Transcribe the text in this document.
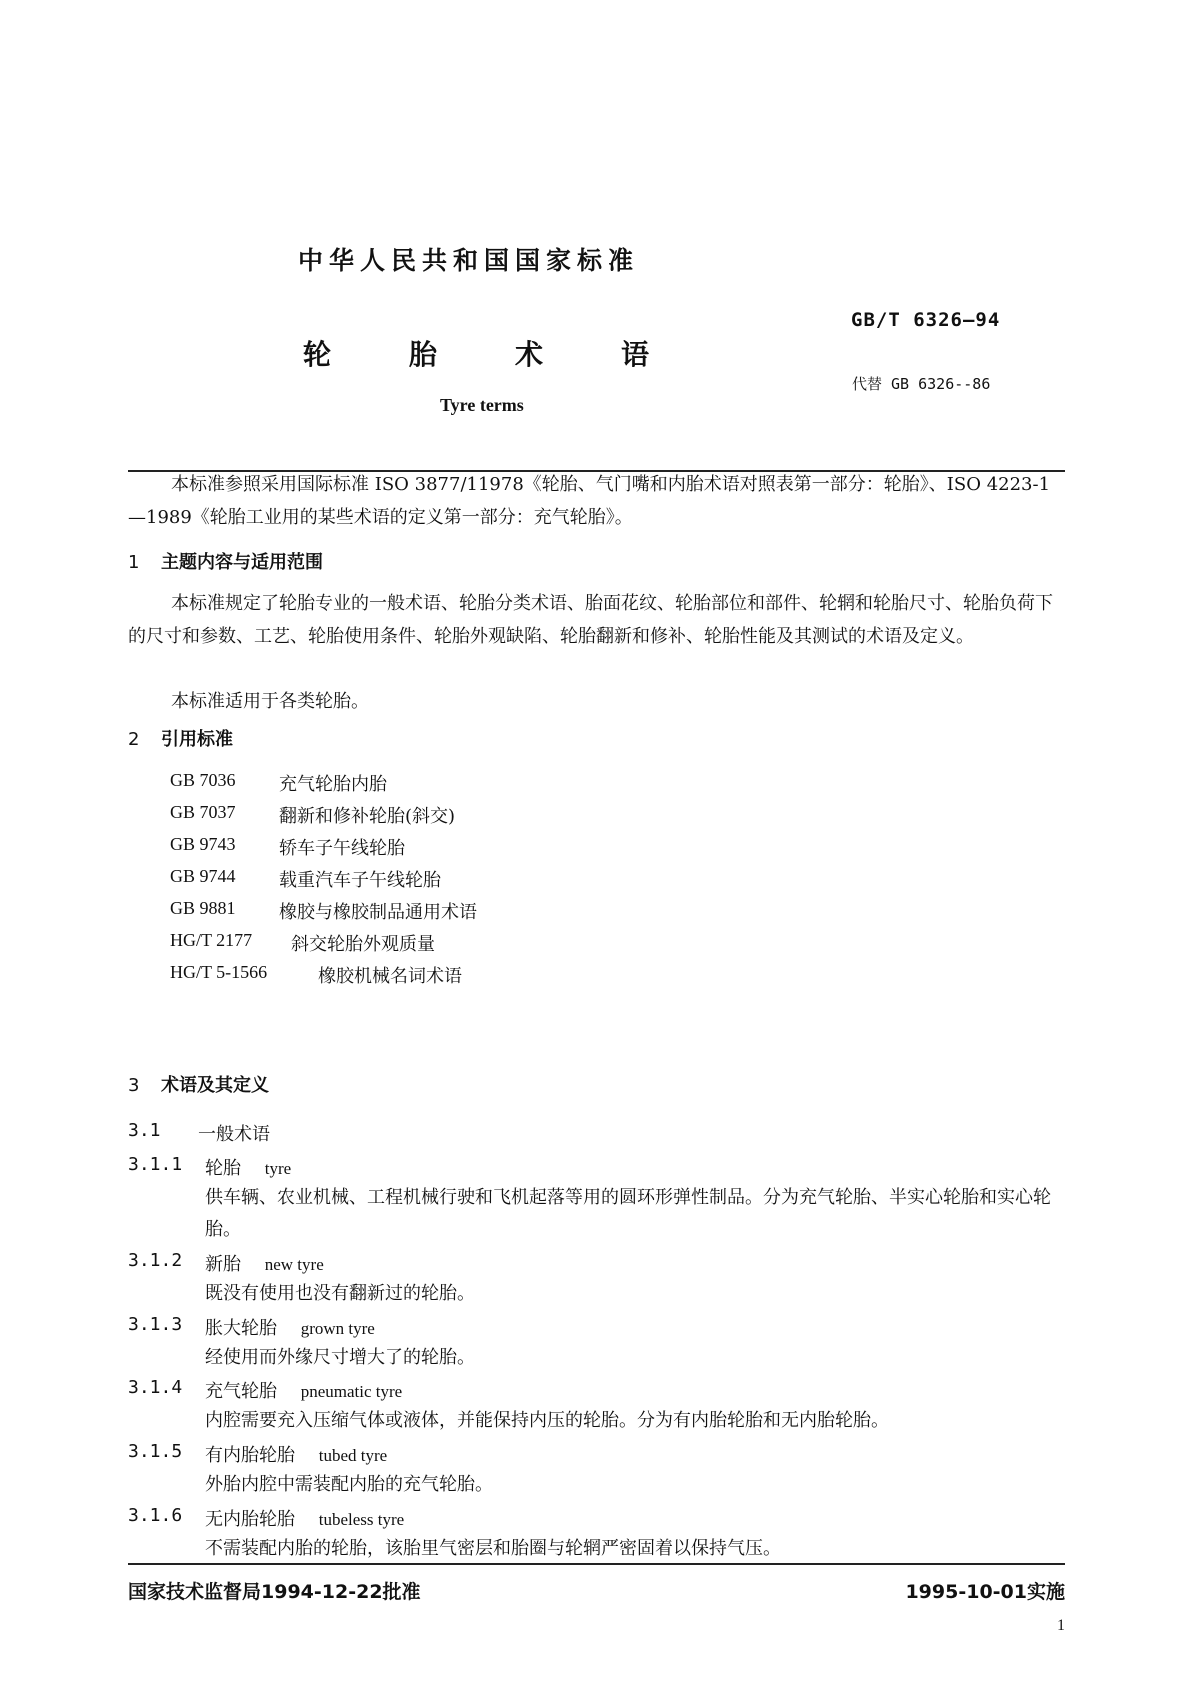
中华人民共和国国家标准
轮胎术语
Tyre terms
GB/T 6326—94
代替 GB 6326--86
本标准参照采用国际标准 ISO 3877/11978《轮胎、气门嘴和内胎术语对照表第一部分：轮胎》、ISO 4223-1—1989《轮胎工业用的某些术语的定义第一部分：充气轮胎》。
1 主题内容与适用范围
本标准规定了轮胎专业的一般术语、轮胎分类术语、胎面花纹、轮胎部位和部件、轮辋和轮胎尺寸、轮胎负荷下的尺寸和参数、工艺、轮胎使用条件、轮胎外观缺陷、轮胎翻新和修补、轮胎性能及其测试的术语及定义。
本标准适用于各类轮胎。
2 引用标准
GB 7036 充气轮胎内胎
GB 7037 翻新和修补轮胎(斜交)
GB 9743 轿车子午线轮胎
GB 9744 载重汽车子午线轮胎
GB 9881 橡胶与橡胶制品通用术语
HG/T 2177 斜交轮胎外观质量
HG/T 5-1566	橡胶机械名词术语
3 术语及其定义
3.1 一般术语
3.1.1 轮胎 tyre
供车辆、农业机械、工程机械行驶和飞机起落等用的圆环形弹性制品。分为充气轮胎、半实心轮胎和实心轮胎。
3.1.2 新胎 new tyre
既没有使用也没有翻新过的轮胎。
3.1.3 胀大轮胎 grown tyre
经使用而外缘尺寸增大了的轮胎。
3.1.4 充气轮胎 pneumatic tyre
内腔需要充入压缩气体或液体，并能保持内压的轮胎。分为有内胎轮胎和无内胎轮胎。
3.1.5 有内胎轮胎 tubed tyre
外胎内腔中需装配内胎的充气轮胎。
3.1.6 无内胎轮胎 tubeless tyre
不需装配内胎的轮胎，该胎里气密层和胎圈与轮辋严密固着以保持气压。
国家技术监督局1994-12-22批准	1995-10-01实施
1
